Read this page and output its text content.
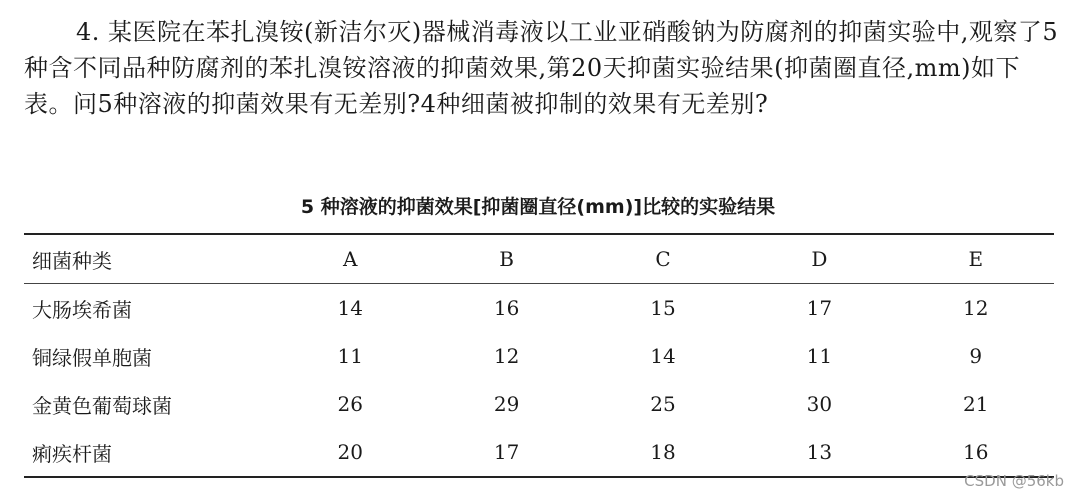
4. 某医院在苯扎溴铵(新洁尔灭)器械消毒液以工业亚硝酸钠为防腐剂的抑菌实验中,观察了5种含不同品种防腐剂的苯扎溴铵溶液的抑菌效果,第20天抑菌实验结果(抑菌圈直径,mm)如下表。问5种溶液的抑菌效果有无差别?4种细菌被抑制的效果有无差别?

5 种溶液的抑菌效果[抑菌圈直径(mm)]比较的实验结果
细菌种类	A	B	C	D	E
大肠埃希菌	14	16	15	17	12
铜绿假单胞菌	11	12	14	11	9
金黄色葡萄球菌	26	29	25	30	21
痢疾杆菌	20	17	18	13	16
CSDN @56kb
